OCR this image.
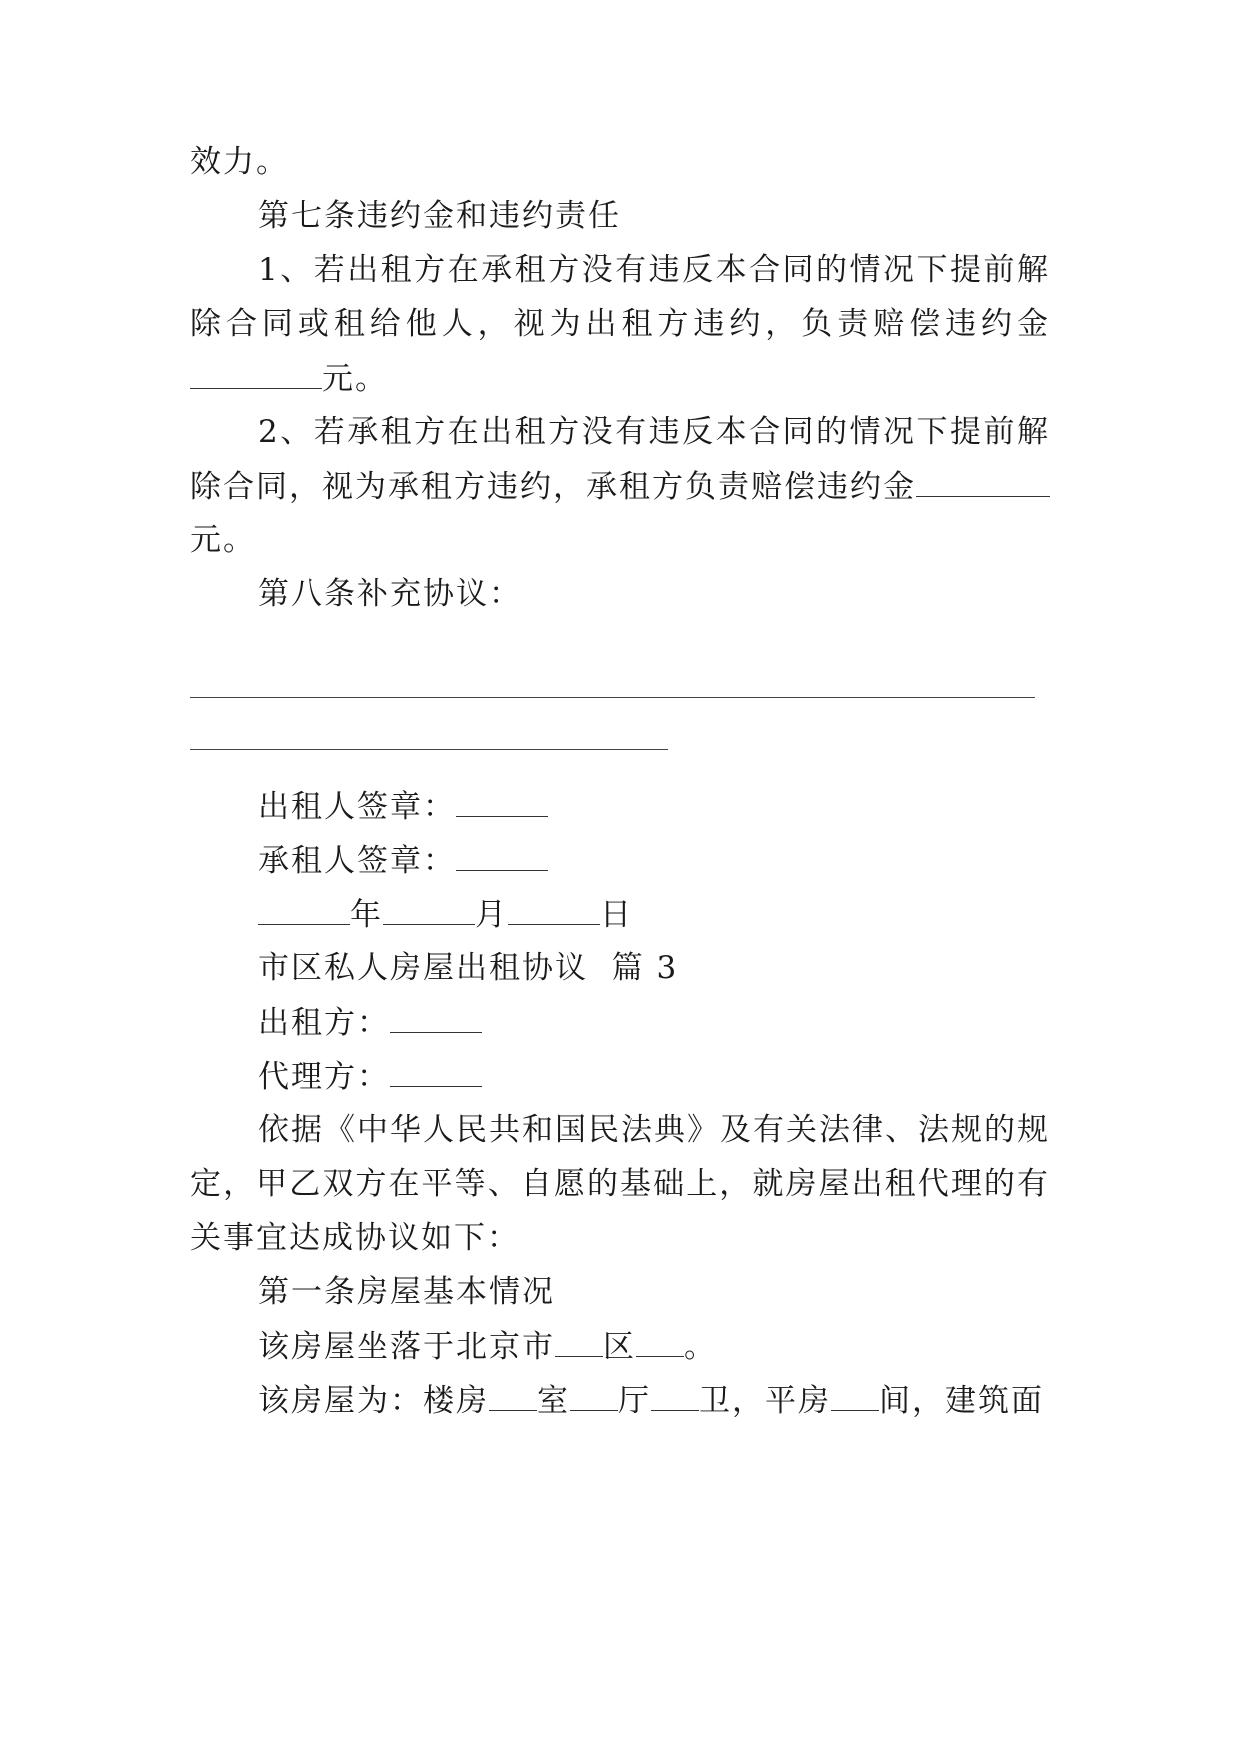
效力。
第七条违约金和违约责任
1、若出租方在承租方没有违反本合同的情况下提前解
除合同或租给他人，视为出租方违约，负责赔偿违约金
元。
2、若承租方在出租方没有违反本合同的情况下提前解
除合同，视为承租方违约，承租方负责赔偿违约金
元。
第八条补充协议：
出租人签章：
承租人签章：
年	月	日
市区私人房屋出租协议  篇 3
出租方：
代理方：
依据《中华人民共和国民法典》及有关法律、法规的规
定，甲乙双方在平等、自愿的基础上，就房屋出租代理的有
关事宜达成协议如下：
第一条房屋基本情况
该房屋坐落于北京市 区 。
该房屋为：楼房 室 厅 卫，平房 间，建筑面
